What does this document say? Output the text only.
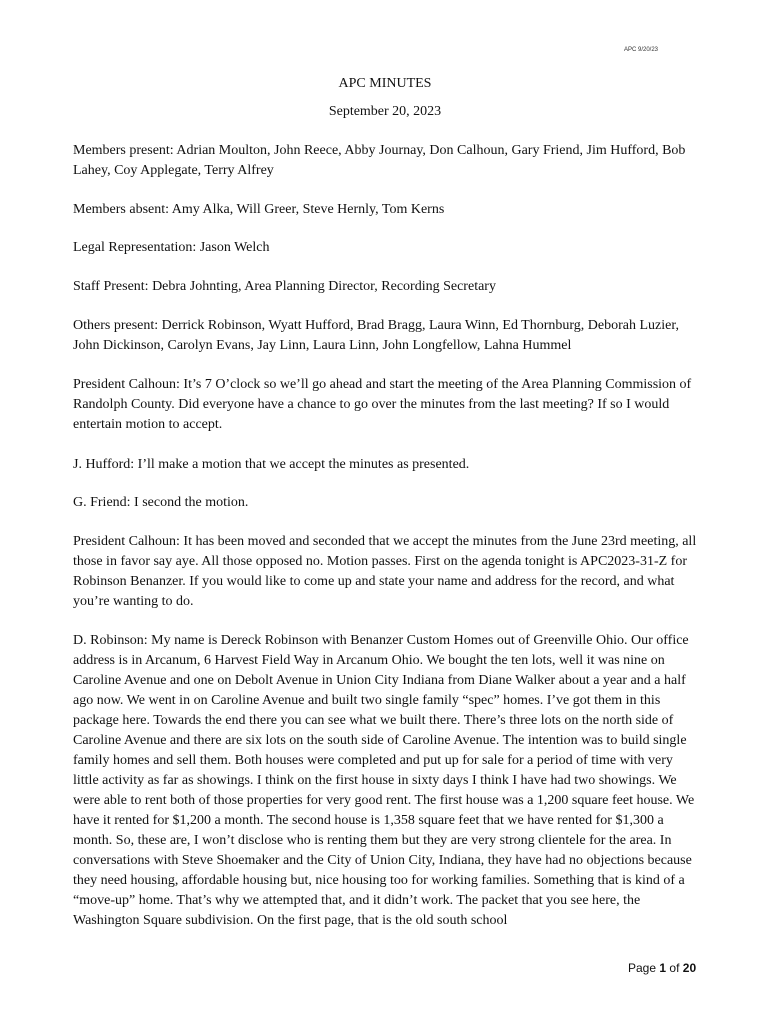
APC 9/20/23
APC MINUTES
September 20, 2023

Members present: Adrian Moulton, John Reece, Abby Journay, Don Calhoun, Gary Friend, Jim Hufford, Bob Lahey, Coy Applegate, Terry Alfrey

Members absent: Amy Alka, Will Greer, Steve Hernly, Tom Kerns

Legal Representation: Jason Welch

Staff Present: Debra Johnting, Area Planning Director, Recording Secretary

Others present: Derrick Robinson, Wyatt Hufford, Brad Bragg, Laura Winn, Ed Thornburg, Deborah Luzier, John Dickinson, Carolyn Evans, Jay Linn, Laura Linn, John Longfellow, Lahna Hummel

President Calhoun: It’s 7 O’clock so we’ll go ahead and start the meeting of the Area Planning Commission of Randolph County. Did everyone have a chance to go over the minutes from the last meeting? If so I would entertain motion to accept.

J. Hufford: I’ll make a motion that we accept the minutes as presented.

G. Friend: I second the motion.

President Calhoun: It has been moved and seconded that we accept the minutes from the June 23rd meeting, all those in favor say aye. All those opposed no. Motion passes. First on the agenda tonight is APC2023-31-Z for Robinson Benanzer. If you would like to come up and state your name and address for the record, and what you’re wanting to do.

D. Robinson: My name is Dereck Robinson with Benanzer Custom Homes out of Greenville Ohio. Our office address is in Arcanum, 6 Harvest Field Way in Arcanum Ohio. We bought the ten lots, well it was nine on Caroline Avenue and one on Debolt Avenue in Union City Indiana from Diane Walker about a year and a half ago now. We went in on Caroline Avenue and built two single family “spec” homes. I’ve got them in this package here. Towards the end there you can see what we built there. There’s three lots on the north side of Caroline Avenue and there are six lots on the south side of Caroline Avenue. The intention was to build single family homes and sell them. Both houses were completed and put up for sale for a period of time with very little activity as far as showings. I think on the first house in sixty days I think I have had two showings. We were able to rent both of those properties for very good rent. The first house was a 1,200 square feet house. We have it rented for $1,200 a month. The second house is 1,358 square feet that we have rented for $1,300 a month. So, these are, I won’t disclose who is renting them but they are very strong clientele for the area. In conversations with Steve Shoemaker and the City of Union City, Indiana, they have had no objections because they need housing, affordable housing but, nice housing too for working families. Something that is kind of a “move-up” home. That’s why we attempted that, and it didn’t work. The packet that you see here, the Washington Square subdivision. On the first page, that is the old south school

Page 1 of 20
